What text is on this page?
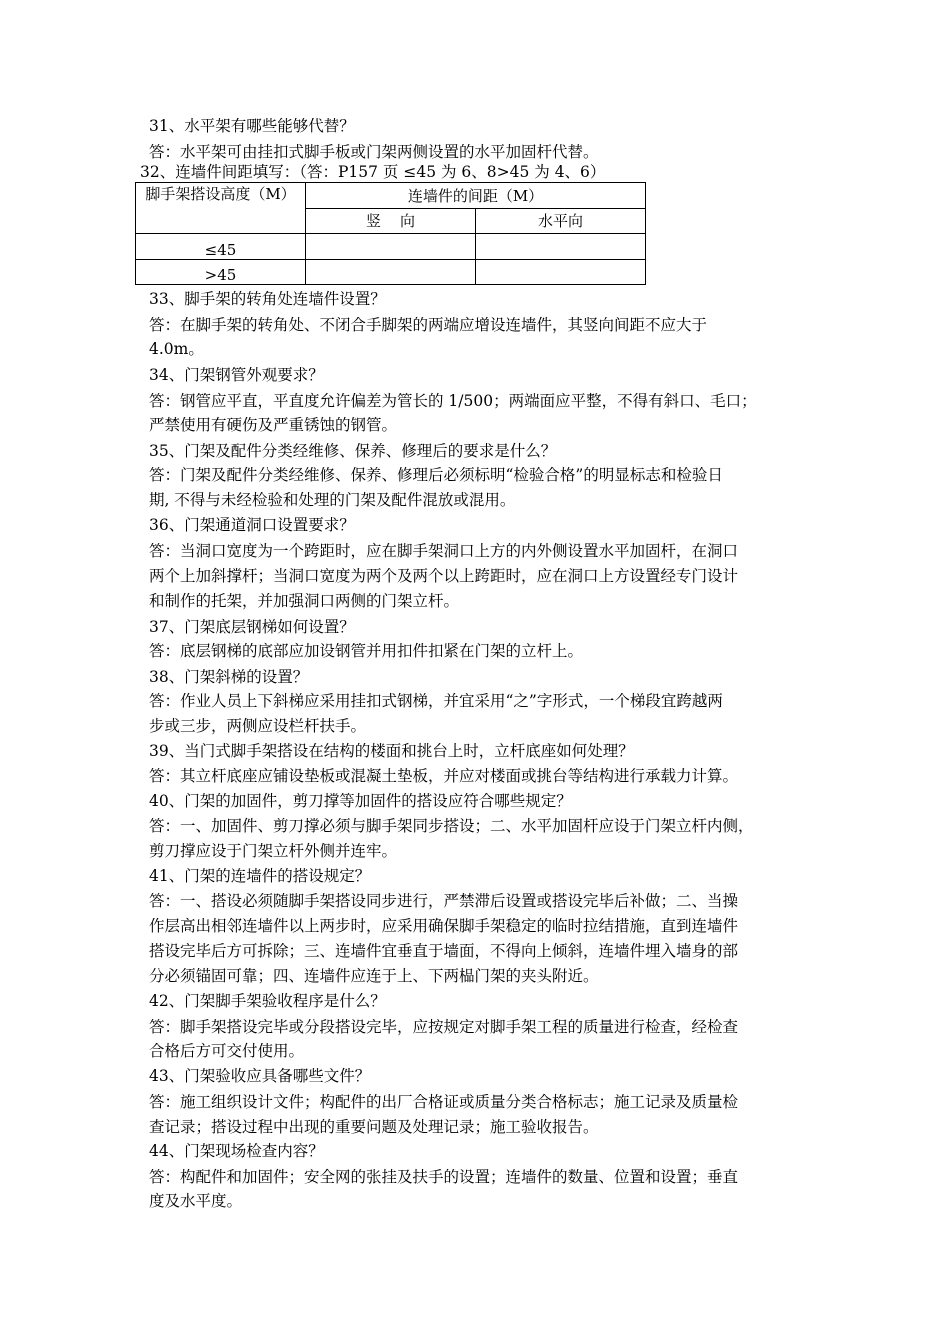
31、水平架有哪些能够代替？
答：水平架可由挂扣式脚手板或门架两侧设置的水平加固杆代替。
32、连墙件间距填写：（答：P157 页 ≤45 为 6、8>45 为 4、6）
脚手架搭设高度（M）	连墙件的间距（M）	
	竖    向	水平向
≤45		
>45		
33、脚手架的转角处连墙件设置？
答：在脚手架的转角处、不闭合手脚架的两端应增设连墙件，其竖向间距不应大于
4.0m。
34、门架钢管外观要求？
答：钢管应平直，平直度允许偏差为管长的 1/500；两端面应平整，不得有斜口、毛口；
严禁使用有硬伤及严重锈蚀的钢管。
35、门架及配件分类经维修、保养、修理后的要求是什么？
答：门架及配件分类经维修、保养、修理后必须标明“检验合格”的明显标志和检验日
期, 不得与未经检验和处理的门架及配件混放或混用。
36、门架通道洞口设置要求？
答：当洞口宽度为一个跨距时，应在脚手架洞口上方的内外侧设置水平加固杆，在洞口
两个上加斜撑杆；当洞口宽度为两个及两个以上跨距时，应在洞口上方设置经专门设计
和制作的托架，并加强洞口两侧的门架立杆。
37、门架底层钢梯如何设置？
答：底层钢梯的底部应加设钢管并用扣件扣紧在门架的立杆上。
38、门架斜梯的设置？
答：作业人员上下斜梯应采用挂扣式钢梯，并宜采用“之”字形式，一个梯段宜跨越两
步或三步，两侧应设栏杆扶手。
39、当门式脚手架搭设在结构的楼面和挑台上时，立杆底座如何处理？
答：其立杆底座应铺设垫板或混凝土垫板，并应对楼面或挑台等结构进行承载力计算。
40、门架的加固件，剪刀撑等加固件的搭设应符合哪些规定？
答：一、加固件、剪刀撑必须与脚手架同步搭设；二、水平加固杆应设于门架立杆内侧，
剪刀撑应设于门架立杆外侧并连牢。
41、门架的连墙件的搭设规定？
答：一、搭设必须随脚手架搭设同步进行，严禁滞后设置或搭设完毕后补做；二、当操
作层高出相邻连墙件以上两步时，应采用确保脚手架稳定的临时拉结措施，直到连墙件
搭设完毕后方可拆除；三、连墙件宜垂直于墙面，不得向上倾斜，连墙件埋入墙身的部
分必须锚固可靠；四、连墙件应连于上、下两榀门架的夹头附近。
42、门架脚手架验收程序是什么？
答：脚手架搭设完毕或分段搭设完毕，应按规定对脚手架工程的质量进行检查，经检查
合格后方可交付使用。
43、门架验收应具备哪些文件？
答：施工组织设计文件；构配件的出厂合格证或质量分类合格标志；施工记录及质量检
查记录；搭设过程中出现的重要问题及处理记录；施工验收报告。
44、门架现场检查内容？
答：构配件和加固件；安全网的张挂及扶手的设置；连墙件的数量、位置和设置；垂直
度及水平度。
